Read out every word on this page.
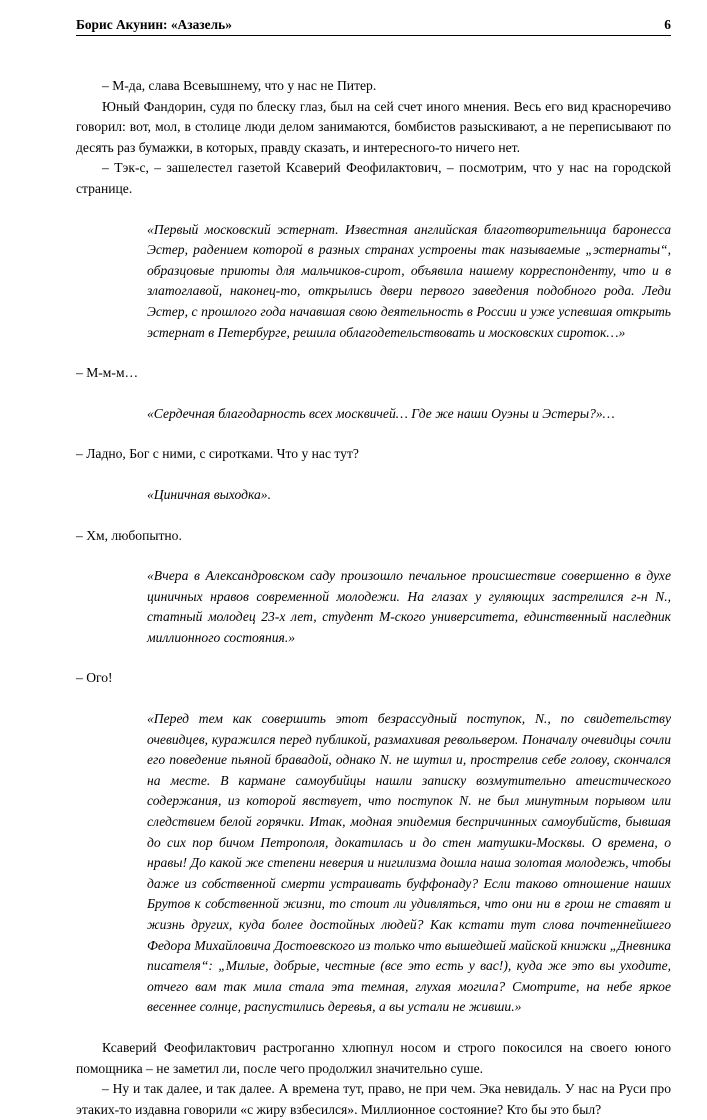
Борис Акунин: «Азазель»	6

– М-да, слава Всевышнему, что у нас не Питер.

Юный Фандорин, судя по блеску глаз, был на сей счет иного мнения. Весь его вид красноречиво говорил: вот, мол, в столице люди делом занимаются, бомбистов разыскивают, а не переписывают по десять раз бумажки, в которых, правду сказать, и интересного-то ничего нет.

– Тэк-с, – зашелестел газетой Ксаверий Феофилактович, – посмотрим, что у нас на городской странице.

«Первый московский эстернат. Известная английская благотворительница баронесса Эстер, радением которой в разных странах устроены так называемые „эстернаты“, образцовые приюты для мальчиков-сирот, объявила нашему корреспонденту, что и в златоглавой, наконец-то, открылись двери первого заведения подобного рода. Леди Эстер, с прошлого года начавшая свою деятельность в России и уже успевшая открыть эстернат в Петербурге, решила облагодетельствовать и московских сироток…»

– М-м-м…

«Сердечная благодарность всех москвичей… Где же наши Оуэны и Эстеры?»…

– Ладно, Бог с ними, с сиротками. Что у нас тут?

«Циничная выходка».

– Хм, любопытно.

«Вчера в Александровском саду произошло печальное происшествие совершенно в духе циничных нравов современной молодежи. На глазах у гуляющих застрелился г-н N., статный молодец 23-х лет, студент М-ского университета, единственный наследник миллионного состояния.»

– Ого!

«Перед тем как совершить этот безрассудный поступок, N., по свидетельству очевидцев, куражился перед публикой, размахивая револьвером. Поначалу очевидцы сочли его поведение пьяной бравадой, однако N. не шутил и, прострелив себе голову, скончался на месте. В кармане самоубийцы нашли записку возмутительно атеистического содержания, из которой явствует, что поступок N. не был минутным порывом или следствием белой горячки. Итак, модная эпидемия беспричинных самоубийств, бывшая до сих пор бичом Петрополя, докатилась и до стен матушки-Москвы. О времена, о нравы! До какой же степени неверия и нигилизма дошла наша золотая молодежь, чтобы даже из собственной смерти устраивать буффонаду? Если таково отношение наших Брутов к собственной жизни, то стоит ли удивляться, что они ни в грош не ставят и жизнь других, куда более достойных людей? Как кстати тут слова почтеннейшего Федора Михайловича Достоевского из только что вышедшей майской книжки „Дневника писателя“: „Милые, добрые, честные (все это есть у вас!), куда же это вы уходите, отчего вам так мила стала эта темная, глухая могила? Смотрите, на небе яркое весеннее солнце, распустились деревья, а вы устали не живши.»

Ксаверий Феофилактович растроганно хлюпнул носом и строго покосился на своего юного помощника – не заметил ли, после чего продолжил значительно суше.

– Ну и так далее, и так далее. А времена тут, право, не при чем. Эка невидаль. У нас на Руси про этаких-то издавна говорили «с жиру взбесился». Миллионное состояние? Кто бы это был?
